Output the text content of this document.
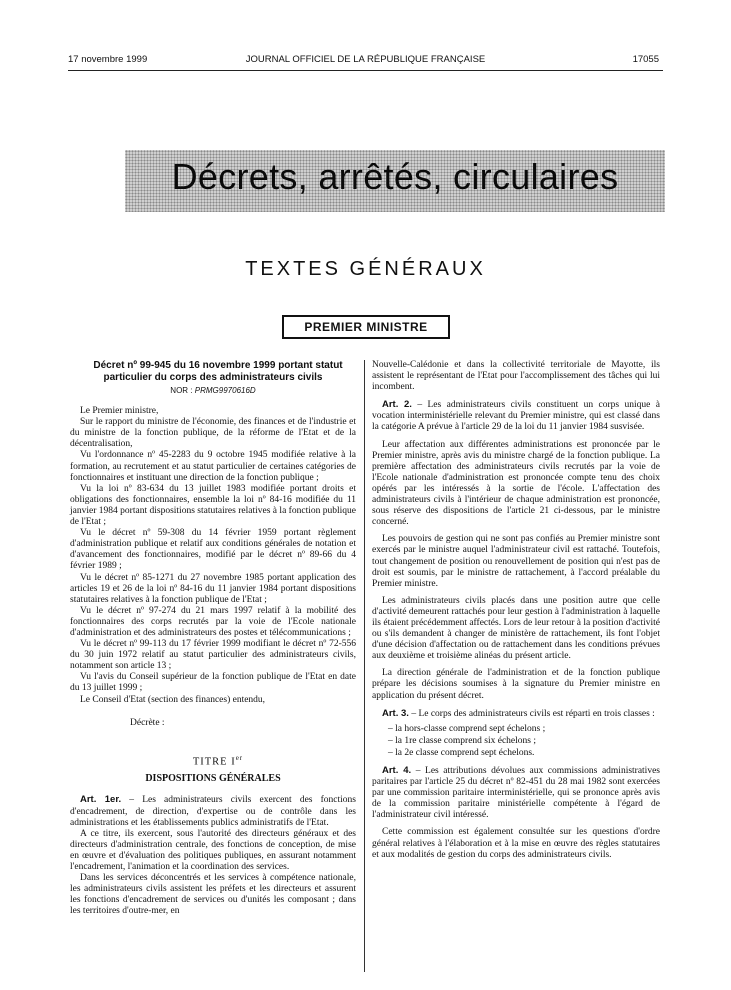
17 novembre 1999	JOURNAL OFFICIEL DE LA RÉPUBLIQUE FRANÇAISE	17055
Décrets, arrêtés, circulaires
TEXTES GÉNÉRAUX
PREMIER MINISTRE

Décret nº 99-945 du 16 novembre 1999 portant statut particulier du corps des administrateurs civils

NOR : PRMG9970616D

Le Premier ministre,

Sur le rapport du ministre de l'économie, des finances et de l'industrie et du ministre de la fonction publique, de la réforme de l'Etat et de la décentralisation,

Vu l'ordonnance nº 45-2283 du 9 octobre 1945 modifiée relative à la formation, au recrutement et au statut particulier de certaines catégories de fonctionnaires et instituant une direction de la fonction publique ;

Vu la loi nº 83-634 du 13 juillet 1983 modifiée portant droits et obligations des fonctionnaires, ensemble la loi nº 84-16 modifiée du 11 janvier 1984 portant dispositions statutaires relatives à la fonction publique de l'Etat ;

Vu le décret nº 59-308 du 14 février 1959 portant règlement d'administration publique et relatif aux conditions générales de notation et d'avancement des fonctionnaires, modifié par le décret nº 89-66 du 4 février 1989 ;

Vu le décret nº 85-1271 du 27 novembre 1985 portant application des articles 19 et 26 de la loi nº 84-16 du 11 janvier 1984 portant dispositions statutaires relatives à la fonction publique de l'Etat ;

Vu le décret nº 97-274 du 21 mars 1997 relatif à la mobilité des fonctionnaires des corps recrutés par la voie de l'Ecole nationale d'administration et des administrateurs des postes et télécommunications ;

Vu le décret nº 99-113 du 17 février 1999 modifiant le décret nº 72-556 du 30 juin 1972 relatif au statut particulier des administrateurs civils, notamment son article 13 ;

Vu l'avis du Conseil supérieur de la fonction publique de l'Etat en date du 13 juillet 1999 ;

Le Conseil d'Etat (section des finances) entendu,

Décrète :

TITRE Ier

DISPOSITIONS GÉNÉRALES

Art. 1er. – Les administrateurs civils exercent des fonctions d'encadrement, de direction, d'expertise ou de contrôle dans les administrations et les établissements publics administratifs de l'Etat.

A ce titre, ils exercent, sous l'autorité des directeurs généraux et des directeurs d'administration centrale, des fonctions de conception, de mise en œuvre et d'évaluation des politiques publiques, en assurant notamment l'encadrement, l'animation et la coordination des services.

Dans les services déconcentrés et les services à compétence nationale, les administrateurs civils assistent les préfets et les directeurs et assurent les fonctions d'encadrement de services ou d'unités les composant ; dans les territoires d'outre-mer, en

Nouvelle-Calédonie et dans la collectivité territoriale de Mayotte, ils assistent le représentant de l'Etat pour l'accomplissement des tâches qui lui incombent.

Art. 2. – Les administrateurs civils constituent un corps unique à vocation interministérielle relevant du Premier ministre, qui est classé dans la catégorie A prévue à l'article 29 de la loi du 11 janvier 1984 susvisée.

Leur affectation aux différentes administrations est prononcée par le Premier ministre, après avis du ministre chargé de la fonction publique. La première affectation des administrateurs civils recrutés par la voie de l'Ecole nationale d'administration est prononcée compte tenu des choix opérés par les intéressés à la sortie de l'école. L'affectation des administrateurs civils à l'intérieur de chaque administration est prononcée, sous réserve des dispositions de l'article 21 ci-dessous, par le ministre concerné.

Les pouvoirs de gestion qui ne sont pas confiés au Premier ministre sont exercés par le ministre auquel l'administrateur civil est rattaché. Toutefois, tout changement de position ou renouvellement de position qui n'est pas de droit est soumis, par le ministre de rattachement, à l'accord préalable du Premier ministre.

Les administrateurs civils placés dans une position autre que celle d'activité demeurent rattachés pour leur gestion à l'administration à laquelle ils étaient précédemment affectés. Lors de leur retour à la position d'activité ou s'ils demandent à changer de ministère de rattachement, ils font l'objet d'une décision d'affectation ou de rattachement dans les conditions prévues aux deuxième et troisième alinéas du présent article.

La direction générale de l'administration et de la fonction publique prépare les décisions soumises à la signature du Premier ministre en application du présent décret.

Art. 3. – Le corps des administrateurs civils est réparti en trois classes :

– la hors-classe comprend sept échelons ;
– la 1re classe comprend six échelons ;
– la 2e classe comprend sept échelons.

Art. 4. – Les attributions dévolues aux commissions administratives paritaires par l'article 25 du décret nº 82-451 du 28 mai 1982 sont exercées par une commission paritaire interministérielle, qui se prononce après avis de la commission paritaire ministérielle compétente à l'égard de l'administrateur civil intéressé.

Cette commission est également consultée sur les questions d'ordre général relatives à l'élaboration et à la mise en œuvre des règles statutaires et aux modalités de gestion du corps des administrateurs civils.
